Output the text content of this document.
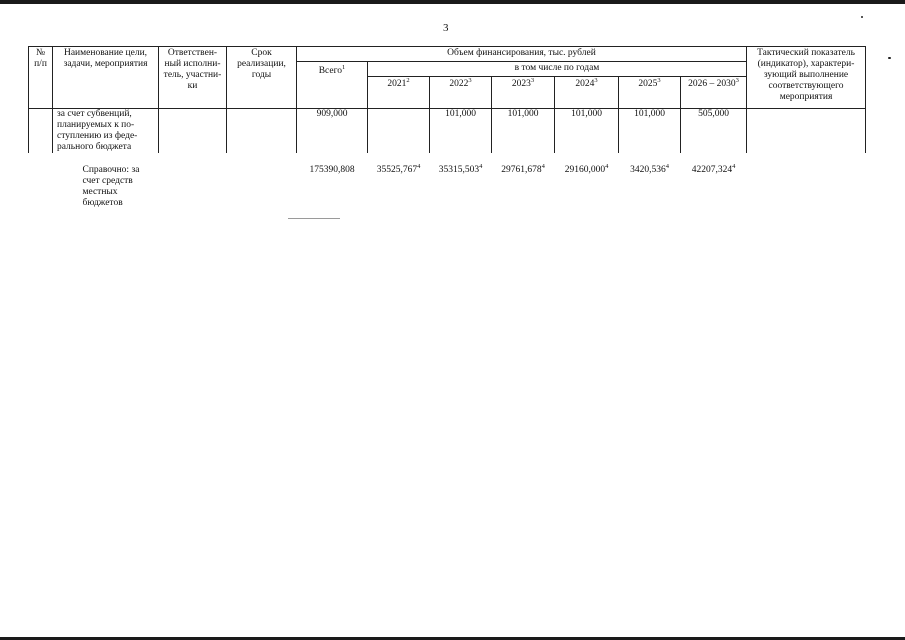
3
№ п/п	Наименование цели, задачи, мероприятия	Ответствен-ный исполни-тель, участни-ки	Срок реализации, годы	Объем финансирования, тыс. рублей							Тактический показатель (индикатор), характери-зующий выполнение соответствующего мероприятия
				Всего$^1$	в том числе по годам						
					2021$^2$	2022$^3$	2023$^3$	2024$^3$	2025$^3$	2026 – 2030$^3$
	за счет субвенций, планируемых к по-ступлению из феде-рального бюджета			909,000		101,000	101,000	101,000	101,000	505,000	
	Справочно: за счет средств местных бюджетов			175390,808	35525,767$^4$	35315,503$^4$	29761,678$^4$	29160,000$^4$	3420,536$^4$	42207,324$^4$	
